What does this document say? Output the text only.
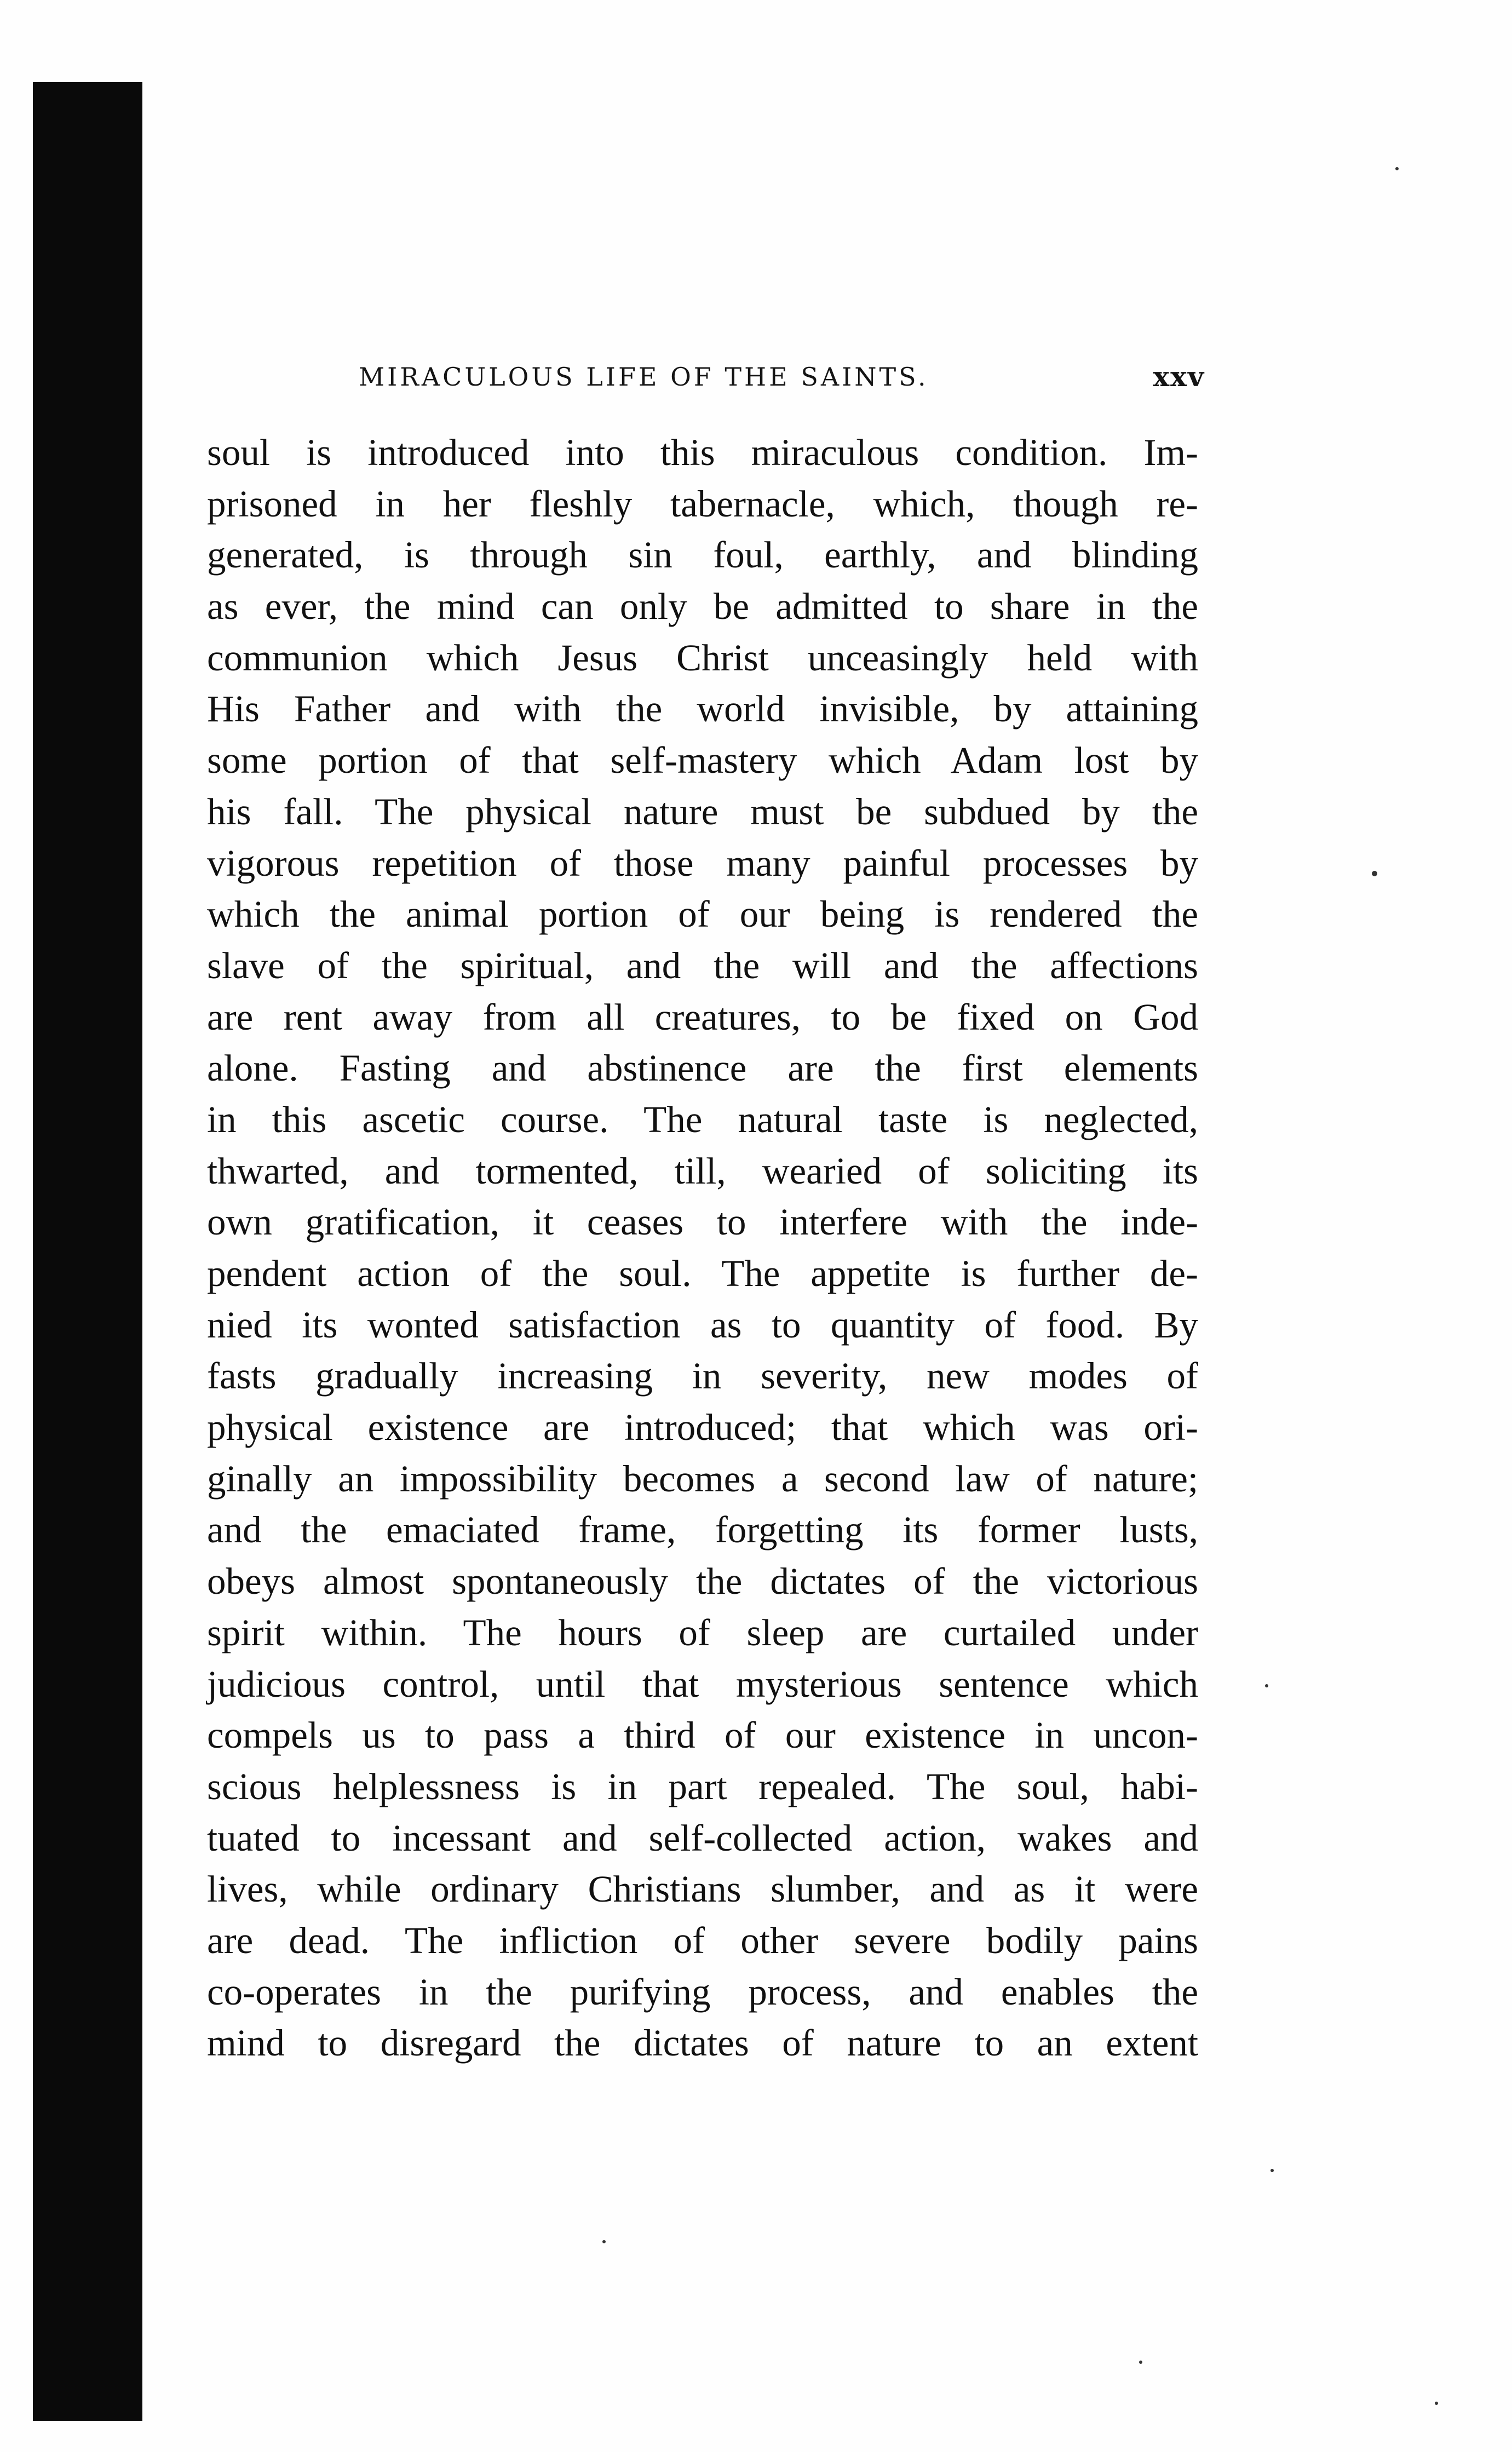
MIRACULOUS LIFE OF THE SAINTS.	xxv
soul is introduced into this miraculous condition. Im-
prisoned in her fleshly tabernacle, which, though re-
generated, is through sin foul, earthly, and blinding
as ever, the mind can only be admitted to share in the
communion which Jesus Christ unceasingly held with
His Father and with the world invisible, by attaining
some portion of that self-mastery which Adam lost by
his fall. The physical nature must be subdued by the
vigorous repetition of those many painful processes by
which the animal portion of our being is rendered the
slave of the spiritual, and the will and the affections
are rent away from all creatures, to be fixed on God
alone. Fasting and abstinence are the first elements
in this ascetic course. The natural taste is neglected,
thwarted, and tormented, till, wearied of soliciting its
own gratification, it ceases to interfere with the inde-
pendent action of the soul. The appetite is further de-
nied its wonted satisfaction as to quantity of food. By
fasts gradually increasing in severity, new modes of
physical existence are introduced; that which was ori-
ginally an impossibility becomes a second law of nature;
and the emaciated frame, forgetting its former lusts,
obeys almost spontaneously the dictates of the victorious
spirit within. The hours of sleep are curtailed under
judicious control, until that mysterious sentence which
compels us to pass a third of our existence in uncon-
scious helplessness is in part repealed. The soul, habi-
tuated to incessant and self-collected action, wakes and
lives, while ordinary Christians slumber, and as it were
are dead. The infliction of other severe bodily pains
co-operates in the purifying process, and enables the
mind to disregard the dictates of nature to an extent
